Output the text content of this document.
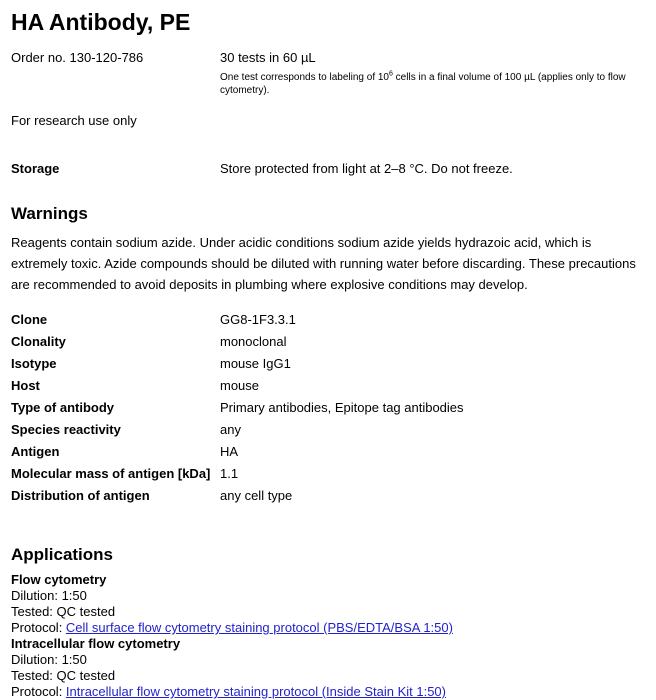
HA Antibody, PE
Order no. 130-120-786	30 tests in 60 µL
One test corresponds to labeling of $10^6$ cells in a final volume of 100 µL (applies only to flow cytometry).
For research use only
Storage	Store protected from light at 2–8 °C. Do not freeze.
Warnings

Reagents contain sodium azide. Under acidic conditions sodium azide yields hydrazoic acid, which is extremely toxic. Azide compounds should be diluted with running water before discarding. These precautions are recommended to avoid deposits in plumbing where explosive conditions may develop.

Clone	GG8-1F3.3.1
Clonality	monoclonal
Isotype	mouse IgG1
Host	mouse
Type of antibody	Primary antibodies, Epitope tag antibodies
Species reactivity	any
Antigen	HA
Molecular mass of antigen [kDa] 1.1
Distribution of antigen	any cell type
Applications
Flow cytometry
Dilution: 1:50
Tested: QC tested
Protocol: Cell surface flow cytometry staining protocol (PBS/EDTA/BSA 1:50)
Intracellular flow cytometry
Dilution: 1:50
Tested: QC tested
Protocol: Intracellular flow cytometry staining protocol (Inside Stain Kit 1:50)
